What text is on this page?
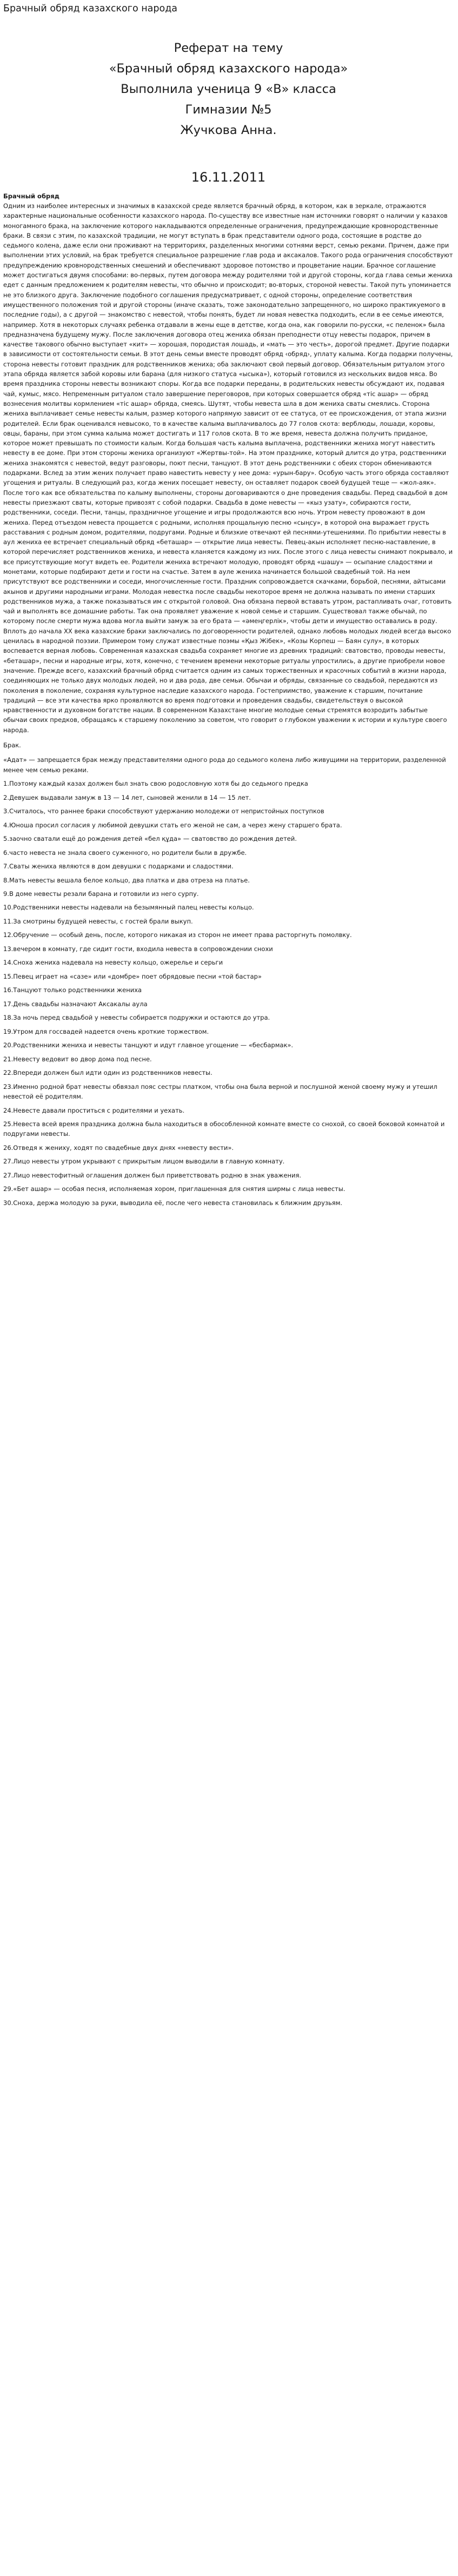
Брачный обряд казахского народа
Реферат на тему
«Брачный обряд казахского народа»
Выполнила ученица 9 «В» класса
Гимназии №5
Жучкова Анна.
16.11.2011
Брачный обряд

Одним из наиболее интересных и значимых в казахской среде является брачный обряд, в котором, как в зеркале, отражаются характерные национальные особенности казахского народа. По-существу все известные нам источники говорят о наличии у казахов моногамного брака, на заключение которого накладываются определенные ограничения, предупреждающие кровнородственные браки. В связи с этим, по казахской традиции, не могут вступать в брак представители одного рода, состоящие в родстве до седьмого колена, даже если они проживают на территориях, разделенных многими сотнями верст, семью реками. Причем, даже при выполнении этих условий, на брак требуется специальное разрешение глав рода и аксакалов. Такого рода ограничения способствуют предупреждению кровнородственных смешений и обеспечивают здоровое потомство и процветание нации. Брачное соглашение может достигаться двумя способами: во-первых, путем договора между родителями той и другой стороны, когда глава семьи жениха едет с данным предложением к родителям невесты, что обычно и происходит; во-вторых, стороной невесты. Такой путь упоминается не это близкого друга. Заключение подобного соглашения предусматривает, с одной стороны, определение соответствия имущественного положения той и другой стороны (иначе сказать, тоже законодательно запрещенного, но широко практикуемого в последние годы), а с другой — знакомство с невестой, чтобы понять, будет ли новая невестка подходить, если в ее семье имеются, например. Хотя в некоторых случаях ребенка отдавали в жены еще в детстве, когда она, как говорили по-русски, «с пеленок» была предназначена будущему мужу. После заключения договора отец жениха обязан преподнести отцу невесты подарок, причем в качестве такового обычно выступает «кит» — хорошая, породистая лошадь, и «мать — это честь», дорогой предмет. Другие подарки в зависимости от состоятельности семьи. В этот день семьи вместе проводят обряд ‹обряд›, уплату калыма. Когда подарки получены, сторона невесты готовит праздник для родственников жениха; оба заключают свой первый договор. Обязательным ритуалом этого этапа обряда является забой коровы или барана (для низкого статуса «ысыка»), который готовился из нескольких видов мяса. Во время праздника стороны невесты возникают споры. Когда все подарки переданы, в родительских невесты обсуждают их, подавая чай, кумыс, мясо. Непременным ритуалом стало завершение переговоров, при которых совершается обряд «тіс ашар» — обряд вознесения молитвы кормлением «тіс ашар» обряда, смеясь. Шутят, чтобы невеста шла в дом жениха сваты смеялись. Сторона жениха выплачивает семье невесты калым, размер которого напрямую зависит от ее статуса, от ее происхождения, от этапа жизни родителей. Если брак оценивался невысоко, то в качестве калыма выплачивалось до 77 голов скота: верблюды, лошади, коровы, овцы, бараны, при этом сумма калыма может достигать и 117 голов скота. В то же время, невеста должна получить приданое, которое может превышать по стоимости калым. Когда большая часть калыма выплачена, родственники жениха могут навестить невесту в ее доме. При этом стороны жениха организуют «Жертвы-той». На этом празднике, который длится до утра, родственники жениха знакомятся с невестой, ведут разговоры, поют песни, танцуют. В этот день родственники с обеих сторон обмениваются подарками. Вслед за этим жених получает право навестить невесту у нее дома: «урын-бару». Особую часть этого обряда составляют угощения и ритуалы. В следующий раз, когда жених посещает невесту, он оставляет подарок своей будущей теще — «жол-аяк». После того как все обязательства по калыму выполнены, стороны договариваются о дне проведения свадьбы. Перед свадьбой в дом невесты приезжают сваты, которые привозят с собой подарки. Свадьба в доме невесты — «кыз узату», собираются гости, родственники, соседи. Песни, танцы, праздничное угощение и игры продолжаются всю ночь. Утром невесту провожают в дом жениха. Перед отъездом невеста прощается с родными, исполняя прощальную песню «сыңсу», в которой она выражает грусть расставания с родным домом, родителями, подругами. Родные и близкие отвечают ей песнями-утешениями. По прибытии невесты в аул жениха ее встречает специальный обряд «беташар» — открытие лица невесты. Певец-акын исполняет песню-наставление, в которой перечисляет родственников жениха, и невеста кланяется каждому из них. После этого с лица невесты снимают покрывало, и все присутствующие могут видеть ее. Родители жениха встречают молодую, проводят обряд «шашу» — осыпание сладостями и монетами, которые подбирают дети и гости на счастье. Затем в ауле жениха начинается большой свадебный той. На нем присутствуют все родственники и соседи, многочисленные гости. Праздник сопровождается скачками, борьбой, песнями, айтысами акынов и другими народными играми. Молодая невестка после свадьбы некоторое время не должна называть по имени старших родственников мужа, а также показываться им с открытой головой. Она обязана первой вставать утром, растапливать очаг, готовить чай и выполнять все домашние работы. Так она проявляет уважение к новой семье и старшим. Существовал также обычай, по которому после смерти мужа вдова могла выйти замуж за его брата — «әмеңгерлік», чтобы дети и имущество оставались в роду. Вплоть до начала XX века казахские браки заключались по договоренности родителей, однако любовь молодых людей всегда высоко ценилась в народной поэзии. Примером тому служат известные поэмы «Қыз Жібек», «Козы Корпеш — Баян сулу», в которых воспевается верная любовь. Современная казахская свадьба сохраняет многие из древних традиций: сватовство, проводы невесты, «беташар», песни и народные игры, хотя, конечно, с течением времени некоторые ритуалы упростились, а другие приобрели новое значение. Прежде всего, казахский брачный обряд считается одним из самых торжественных и красочных событий в жизни народа, соединяющих не только двух молодых людей, но и два рода, две семьи. Обычаи и обряды, связанные со свадьбой, передаются из поколения в поколение, сохраняя культурное наследие казахского народа. Гостеприимство, уважение к старшим, почитание традиций — все эти качества ярко проявляются во время подготовки и проведения свадьбы, свидетельствуя о высокой нравственности и духовном богатстве нации. В современном Казахстане многие молодые семьи стремятся возродить забытые обычаи своих предков, обращаясь к старшему поколению за советом, что говорит о глубоком уважении к истории и культуре своего народа.

Брак.

«Адат» — запрещается брак между представителями одного рода до седьмого колена либо живущими на территории, разделенной менее чем семью реками.

1.Поэтому каждый казах должен был знать свою родословную хотя бы до седьмого предка

2.Девушек выдавали замуж в 13 — 14 лет, сыновей женили в 14 — 15 лет.

3.Считалось, что раннее браки способствуют удержанию молодежи от непристойных поступков

4.Юноша просил согласия у любимой девушки стать его женой не сам, а через жену старшего брата.

5.заочно сватали ещё до рождения детей «бел құда» — сватовство до рождения детей.

6.часто невеста не знала своего суженного, но родители были в дружбе.

7.Сваты жениха являются в дом девушки с подарками и сладостями.

8.Мать невесты вешала белое кольцо, два платка и два отреза на платье.

9.В доме невесты резали барана и готовили из него сурпу.

10.Родственники невесты надевали на безымянный палец невесты кольцо.

11.За смотрины будущей невесты, с гостей брали выкуп.

12.Обручение — особый день, после, которого никакая из сторон не имеет права расторгнуть помолвку.

13.вечером в комнату, где сидит гости, входила невеста в сопровождении снохи

14.Сноха жениха надевала на невесту кольцо, ожерелье и серьги

15.Певец играет на «сазе» или «домбре» поет обрядовые песни «той бастар»

16.Танцуют только родственники жениха

17.День свадьбы назначают Аксакалы аула

18.За ночь перед свадьбой у невесты собирается подружки и остаются до утра.

19.Утром для госсвадей надеется очень кроткие торжеством.

20.Родственники жениха и невесты танцуют и идут главное угощение — «бесбармак».

21.Невесту ведовит во двор дома под песне.

22.Впереди должен был идти один из родственников невесты.

23.Именно родной брат невесты обвязал пояс сестры платком, чтобы она была верной и послушной женой своему мужу и утешил невестой её родителям.

24.Невесте давали проститься с родителями и уехать.

25.Невеста всей время праздника должна была находиться в обособленной комнате вместе со снохой, со своей боковой комнатой и подругами невесты.

26.Отведя к жениху, ходят по свадебные двух днях «невесту вести».

27.Лицо невесты утром укрывают с прикрытым лицом выводили в главную комнату.

27.Лицо невестофитный оглашения должен был приветствовать родню в знак уважения.

29.«Бет ашар» — особая песня, исполняемая хором, приглашенная для снятия ширмы с лица невесты.

30.Сноха, держа молодую за руки, выводила её, после чего невеста становилась к ближним друзьям.
